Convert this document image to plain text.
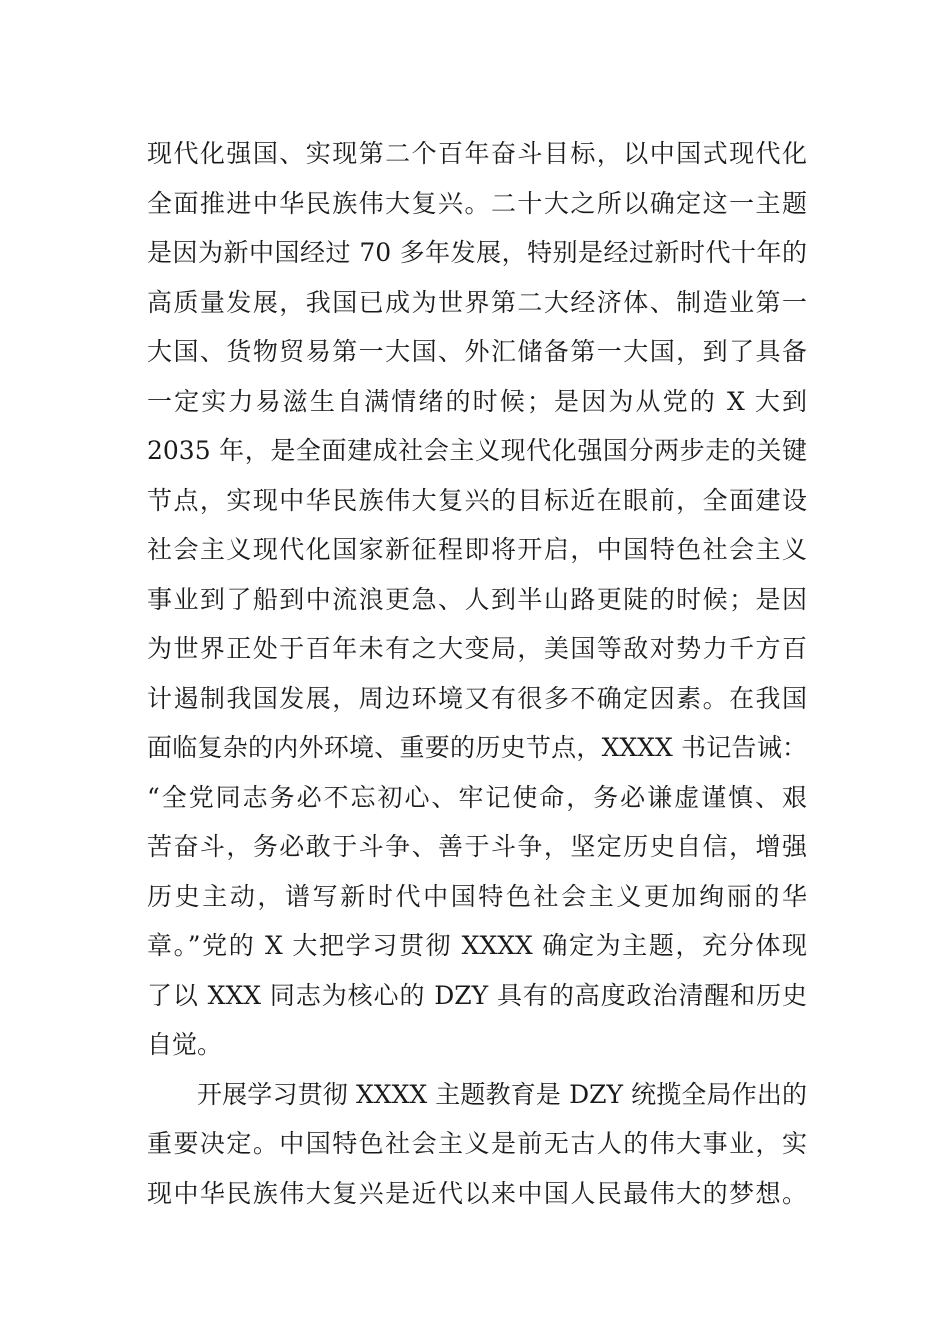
现代化强国、实现第二个百年奋斗目标，以中国式现代化
全面推进中华民族伟大复兴。二十大之所以确定这一主题
是因为新中国经过 70 多年发展，特别是经过新时代十年的
高质量发展，我国已成为世界第二大经济体、制造业第一
大国、货物贸易第一大国、外汇储备第一大国，到了具备
一定实力易滋生自满情绪的时候；是因为从党的 X 大到
2035 年，是全面建成社会主义现代化强国分两步走的关键
节点，实现中华民族伟大复兴的目标近在眼前，全面建设
社会主义现代化国家新征程即将开启，中国特色社会主义
事业到了船到中流浪更急、人到半山路更陡的时候；是因
为世界正处于百年未有之大变局，美国等敌对势力千方百
计遏制我国发展，周边环境又有很多不确定因素。在我国
面临复杂的内外环境、重要的历史节点，XXXX 书记告诫：
“全党同志务必不忘初心、牢记使命，务必谦虚谨慎、艰
苦奋斗，务必敢于斗争、善于斗争，坚定历史自信，增强
历史主动，谱写新时代中国特色社会主义更加绚丽的华
章。”党的 X 大把学习贯彻 XXXX 确定为主题，充分体现
了以 XXX 同志为核心的 DZY 具有的高度政治清醒和历史
自觉。
开展学习贯彻 XXXX 主题教育是 DZY 统揽全局作出的
重要决定。中国特色社会主义是前无古人的伟大事业，实
现中华民族伟大复兴是近代以来中国人民最伟大的梦想。
